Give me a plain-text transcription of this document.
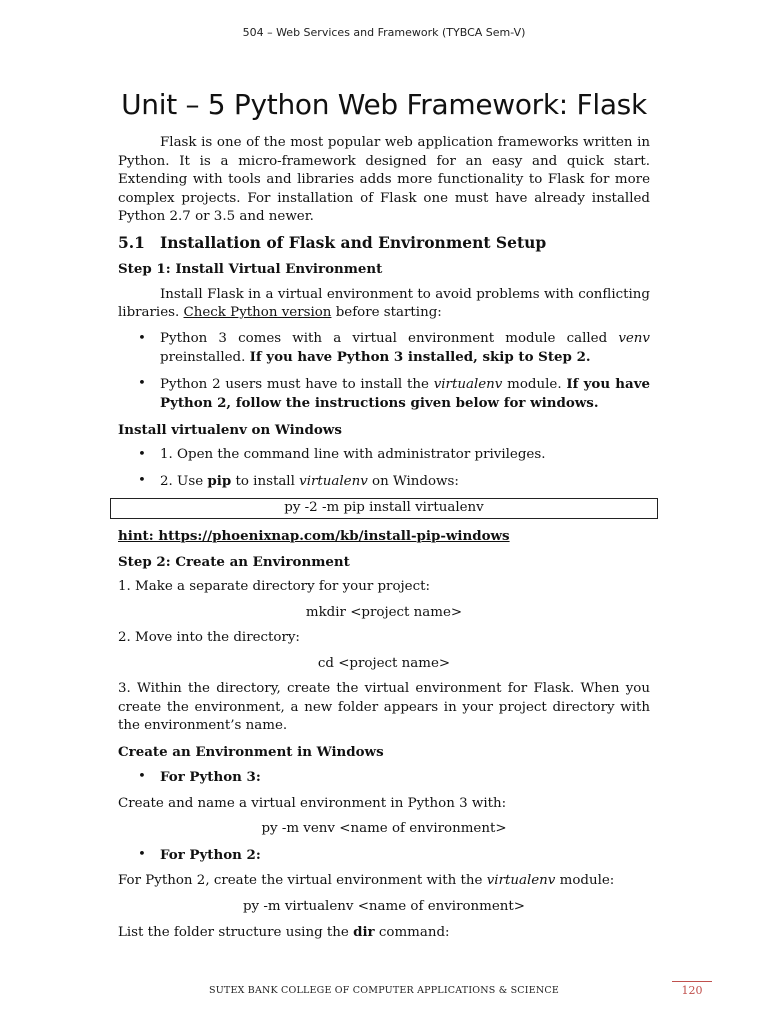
504 – Web Services and Framework (TYBCA Sem-V)
Unit – 5 Python Web Framework: Flask

Flask is one of the most popular web application frameworks written in Python. It is a micro-framework designed for an easy and quick start. Extending with tools and libraries adds more functionality to Flask for more complex projects. For installation of Flask one must have already installed Python 2.7 or 3.5 and newer.

5.1 Installation of Flask and Environment Setup
Step 1: Install Virtual Environment

Install Flask in a virtual environment to avoid problems with conflicting libraries. Check Python version before starting:

• Python 3 comes with a virtual environment module called venv preinstalled. If you have Python 3 installed, skip to Step 2.
• Python 2 users must have to install the virtualenv module. If you have Python 2, follow the instructions given below for windows.
Install virtualenv on Windows
• 1. Open the command line with administrator privileges.
• 2. Use pip to install virtualenv on Windows:
py -2 -m pip install virtualenv
hint: https://phoenixnap.com/kb/install-pip-windows
Step 2: Create an Environment

1. Make a separate directory for your project:

mkdir <project name>

2. Move into the directory:

cd <project name>

3. Within the directory, create the virtual environment for Flask. When you create the environment, a new folder appears in your project directory with the environment’s name.

Create an Environment in Windows
• For Python 3:

Create and name a virtual environment in Python 3 with:

py -m venv <name of environment>

• For Python 2:

For Python 2, create the virtual environment with the virtualenv module:

py -m virtualenv <name of environment>

List the folder structure using the dir command:

SUTEX BANK COLLEGE OF COMPUTER APPLICATIONS & SCIENCE	120
